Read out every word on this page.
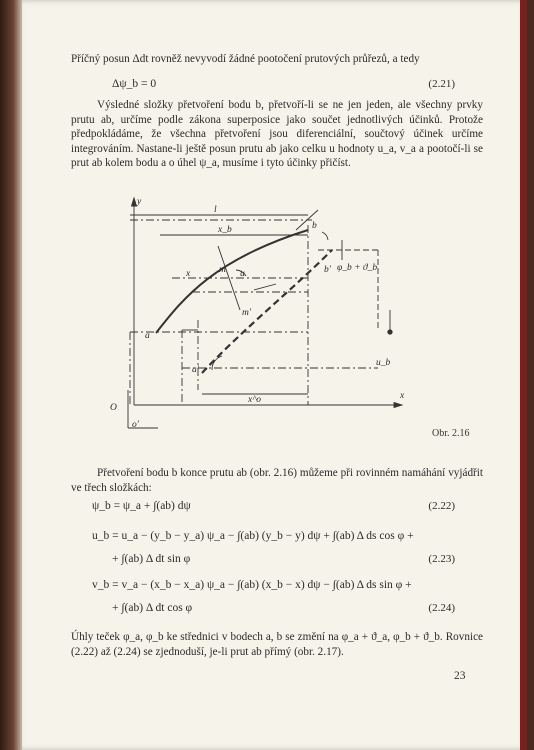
Příčný posun Δdt rovněž nevyvodí žádné pootočení prutových průřezů, a tedy
Δψ_b = 0	(2.21)
Výsledné složky přetvoření bodu b, přetvoří-li se ne jen jeden, ale všechny prvky prutu ab, určíme podle zákona superposice jako součet jednotlivých účinků. Protože předpokládáme, že všechna přetvoření jsou diferenciální, součtový účinek určíme integrováním. Nastane-li ještě posun prutu ab jako celku u hodnoty u_a, v_a a pootočí-li se prut ab kolem bodu a o úhel ψ_a, musíme i tyto účinky přičíst.
y
x
l
x_b	b
a
m
x	u
m'
a'
b'
x^o
O
o'
u_b
φ_b + ϑ_b
Obr. 2.16
Přetvoření bodu b konce prutu ab (obr. 2.16) můžeme při rovinném namáhání vyjádřit ve třech složkách:
ψ_b = ψ_a + ∫(ab) dψ	(2.22)
u_b = u_a − (y_b − y_a) ψ_a − ∫(ab) (y_b − y) dψ + ∫(ab) Δ ds cos φ +
+ ∫(ab) Δ dt sin φ	(2.23)
v_b = v_a − (x_b − x_a) ψ_a − ∫(ab) (x_b − x) dψ − ∫(ab) Δ ds sin φ +
+ ∫(ab) Δ dt cos φ	(2.24)
Úhly teček φ_a, φ_b ke střednici v bodech a, b se změní na φ_a + ϑ_a, φ_b + ϑ_b. Rovnice (2.22) až (2.24) se zjednoduší, je-li prut ab přímý (obr. 2.17).
23
